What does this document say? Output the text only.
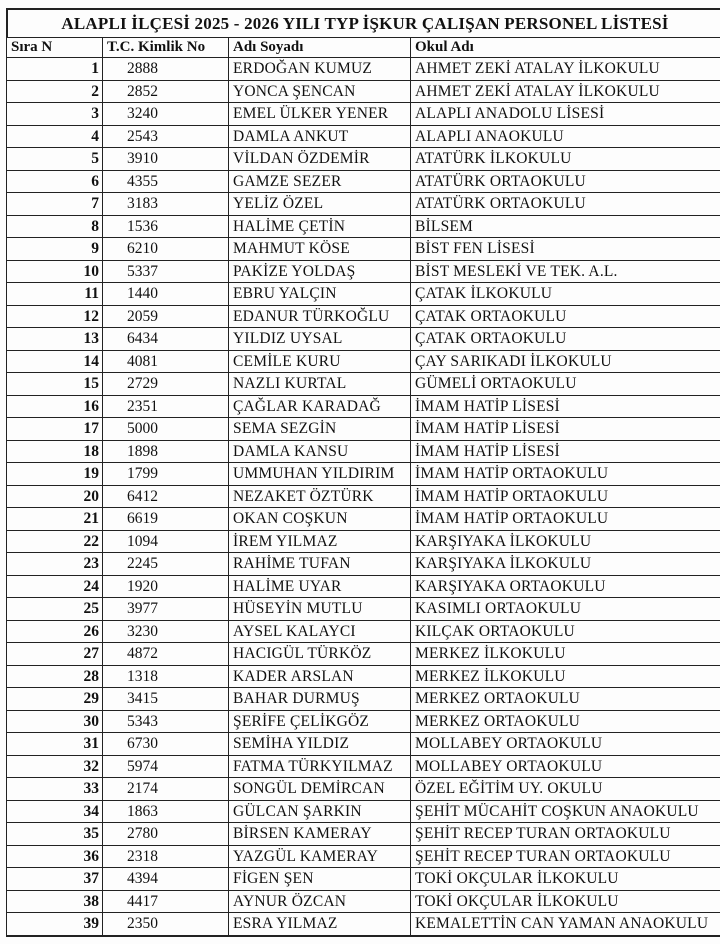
ALAPLI İLÇESİ 2025 - 2026 YILI TYP İŞKUR ÇALIŞAN PERSONEL LİSTESİ
Sıra N	T.C. Kimlik No	Adı Soyadı	Okul Adı
1	2888	ERDOĞAN KUMUZ	AHMET ZEKİ ATALAY İLKOKULU
2	2852	YONCA ŞENCAN	AHMET ZEKİ ATALAY İLKOKULU
3	3240	EMEL ÜLKER YENER	ALAPLI ANADOLU LİSESİ
4	2543	DAMLA ANKUT	ALAPLI ANAOKULU
5	3910	VİLDAN ÖZDEMİR	ATATÜRK İLKOKULU
6	4355	GAMZE SEZER	ATATÜRK ORTAOKULU
7	3183	YELİZ ÖZEL	ATATÜRK ORTAOKULU
8	1536	HALİME ÇETİN	BİLSEM
9	6210	MAHMUT KÖSE	BİST FEN LİSESİ
10	5337	PAKİZE YOLDAŞ	BİST MESLEKİ VE TEK. A.L.
11	1440	EBRU YALÇIN	ÇATAK İLKOKULU
12	2059	EDANUR TÜRKOĞLU	ÇATAK ORTAOKULU
13	6434	YILDIZ UYSAL	ÇATAK ORTAOKULU
14	4081	CEMİLE KURU	ÇAY SARIKADI İLKOKULU
15	2729	NAZLI KURTAL	GÜMELİ ORTAOKULU
16	2351	ÇAĞLAR KARADAĞ	İMAM HATİP LİSESİ
17	5000	SEMA SEZGİN	İMAM HATİP LİSESİ
18	1898	DAMLA KANSU	İMAM HATİP LİSESİ
19	1799	UMMUHAN YILDIRIM	İMAM HATİP ORTAOKULU
20	6412	NEZAKET ÖZTÜRK	İMAM HATİP ORTAOKULU
21	6619	OKAN COŞKUN	İMAM HATİP ORTAOKULU
22	1094	İREM YILMAZ	KARŞIYAKA İLKOKULU
23	2245	RAHİME TUFAN	KARŞIYAKA İLKOKULU
24	1920	HALİME UYAR	KARŞIYAKA ORTAOKULU
25	3977	HÜSEYİN MUTLU	KASIMLI ORTAOKULU
26	3230	AYSEL KALAYCI	KILÇAK ORTAOKULU
27	4872	HACIGÜL TÜRKÖZ	MERKEZ İLKOKULU
28	1318	KADER ARSLAN	MERKEZ İLKOKULU
29	3415	BAHAR DURMUŞ	MERKEZ ORTAOKULU
30	5343	ŞERİFE ÇELİKGÖZ	MERKEZ ORTAOKULU
31	6730	SEMİHA YILDIZ	MOLLABEY ORTAOKULU
32	5974	FATMA TÜRKYILMAZ	MOLLABEY ORTAOKULU
33	2174	SONGÜL DEMİRCAN	ÖZEL EĞİTİM UY. OKULU
34	1863	GÜLCAN ŞARKIN	ŞEHİT MÜCAHİT COŞKUN ANAOKULU
35	2780	BİRSEN KAMERAY	ŞEHİT RECEP TURAN ORTAOKULU
36	2318	YAZGÜL KAMERAY	ŞEHİT RECEP TURAN ORTAOKULU
37	4394	FİGEN ŞEN	TOKİ OKÇULAR İLKOKULU
38	4417	AYNUR ÖZCAN	TOKİ OKÇULAR İLKOKULU
39	2350	ESRA YILMAZ	KEMALETTİN CAN YAMAN ANAOKULU
